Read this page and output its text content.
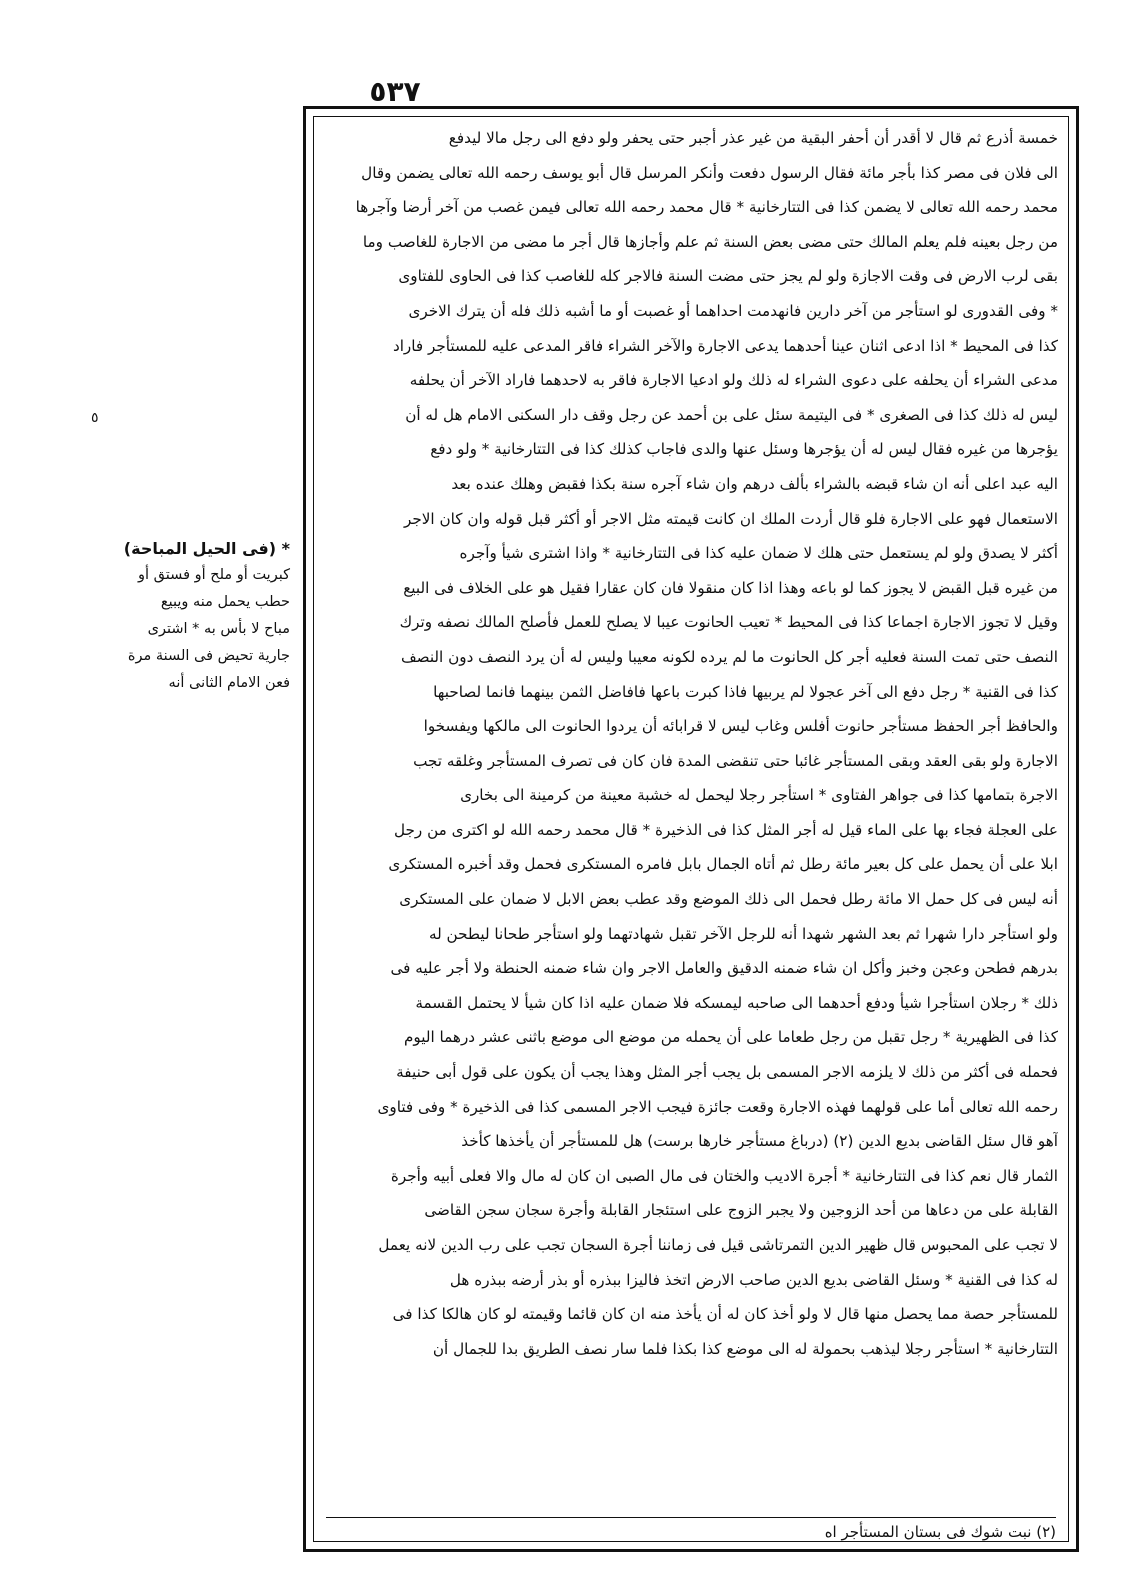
٥٣٧
٥
* (فى الحيل المباحة)
كبريت أو ملح أو فستق أو
حطب يحمل منه ويبيع
مباح لا بأس به * اشترى
جارية تحيض فى السنة مرة
فعن الامام الثانى أنه
خمسة أذرع ثم قال لا أقدر أن أحفر البقية من غير عذر أجبر حتى يحفر ولو دفع الى رجل مالا ليدفع
الى فلان فى مصر كذا بأجر مائة فقال الرسول دفعت وأنكر المرسل قال أبو يوسف رحمه الله تعالى يضمن وقال
محمد رحمه الله تعالى لا يضمن كذا فى التتارخانية * قال محمد رحمه الله تعالى فيمن غصب من آخر أرضا وآجرها
من رجل بعينه فلم يعلم المالك حتى مضى بعض السنة ثم علم وأجازها قال أجر ما مضى من الاجارة للغاصب وما
بقى لرب الارض فى وقت الاجازة ولو لم يجز حتى مضت السنة فالاجر كله للغاصب كذا فى الحاوى للفتاوى
* وفى القدورى لو استأجر من آخر دارين فانهدمت احداهما أو غصبت أو ما أشبه ذلك فله أن يترك الاخرى
كذا فى المحيط * اذا ادعى اثنان عينا أحدهما يدعى الاجارة والآخر الشراء فاقر المدعى عليه للمستأجر فاراد
مدعى الشراء أن يحلفه على دعوى الشراء له ذلك ولو ادعيا الاجارة فاقر به لاحدهما فاراد الآخر أن يحلفه
ليس له ذلك كذا فى الصغرى * فى اليتيمة سئل على بن أحمد عن رجل وقف دار السكنى الامام هل له أن
يؤجرها من غيره فقال ليس له أن يؤجرها وسئل عنها والدى فاجاب كذلك كذا فى التتارخانية * ولو دفع
اليه عبد اعلى أنه ان شاء قبضه بالشراء بألف درهم وان شاء آجره سنة بكذا فقبض وهلك عنده بعد
الاستعمال فهو على الاجارة فلو قال أردت الملك ان كانت قيمته مثل الاجر أو أكثر قبل قوله وان كان الاجر
أكثر لا يصدق ولو لم يستعمل حتى هلك لا ضمان عليه كذا فى التتارخانية * واذا اشترى شيأ وآجره
من غيره قبل القبض لا يجوز كما لو باعه وهذا اذا كان منقولا فان كان عقارا فقيل هو على الخلاف فى البيع
وقيل لا تجوز الاجارة اجماعا كذا فى المحيط * تعيب الحانوت عيبا لا يصلح للعمل فأصلح المالك نصفه وترك
النصف حتى تمت السنة فعليه أجر كل الحانوت ما لم يرده لكونه معيبا وليس له أن يرد النصف دون النصف
كذا فى القنية * رجل دفع الى آخر عجولا لم يربيها فاذا كبرت باعها فافاضل الثمن بينهما فانما لصاحبها
والحافظ أجر الحفظ مستأجر حانوت أفلس وغاب ليس لا قرابائه أن يردوا الحانوت الى مالكها ويفسخوا
الاجارة ولو بقى العقد وبقى المستأجر غائبا حتى تنقضى المدة فان كان فى تصرف المستأجر وغلقه تجب
الاجرة بتمامها كذا فى جواهر الفتاوى * استأجر رجلا ليحمل له خشبة معينة من كرمينة الى بخارى
على العجلة فجاء بها على الماء قيل له أجر المثل كذا فى الذخيرة * قال محمد رحمه الله لو اكترى من رجل
ابلا على أن يحمل على كل بعير مائة رطل ثم أتاه الجمال بابل فامره المستكرى فحمل وقد أخبره المستكرى
أنه ليس فى كل حمل الا مائة رطل فحمل الى ذلك الموضع وقد عطب بعض الابل لا ضمان على المستكرى
ولو استأجر دارا شهرا ثم بعد الشهر شهدا أنه للرجل الآخر تقبل شهادتهما ولو استأجر طحانا ليطحن له
بدرهم فطحن وعجن وخبز وأكل ان شاء ضمنه الدقيق والعامل الاجر وان شاء ضمنه الحنطة ولا أجر عليه فى
ذلك * رجلان استأجرا شيأ ودفع أحدهما الى صاحبه ليمسكه فلا ضمان عليه اذا كان شيأ لا يحتمل القسمة
كذا فى الظهيرية * رجل تقبل من رجل طعاما على أن يحمله من موضع الى موضع باثنى عشر درهما اليوم
فحمله فى أكثر من ذلك لا يلزمه الاجر المسمى بل يجب أجر المثل وهذا يجب أن يكون على قول أبى حنيفة
رحمه الله تعالى أما على قولهما فهذه الاجارة وقعت جائزة فيجب الاجر المسمى كذا فى الذخيرة * وفى فتاوى
آهو قال سئل القاضى بديع الدين (٢) (درباغ مستأجر خارها برست) هل للمستأجر أن يأخذها كأخذ
الثمار قال نعم كذا فى التتارخانية * أجرة الاديب والختان فى مال الصبى ان كان له مال والا فعلى أبيه وأجرة
القابلة على من دعاها من أحد الزوجين ولا يجبر الزوج على استئجار القابلة وأجرة سجان سجن القاضى
لا تجب على المحبوس قال ظهير الدين التمرتاشى قيل فى زماننا أجرة السجان تجب على رب الدين لانه يعمل
له كذا فى القنية * وسئل القاضى بديع الدين صاحب الارض اتخذ فاليزا ببذره أو بذر أرضه ببذره هل
للمستأجر حصة مما يحصل منها قال لا ولو أخذ كان له أن يأخذ منه ان كان قائما وقيمته لو كان هالكا كذا فى
التتارخانية * استأجر رجلا ليذهب بحمولة له الى موضع كذا بكذا فلما سار نصف الطريق بدا للجمال أن
(٢) نبت شوك فى بستان المستأجر اه
